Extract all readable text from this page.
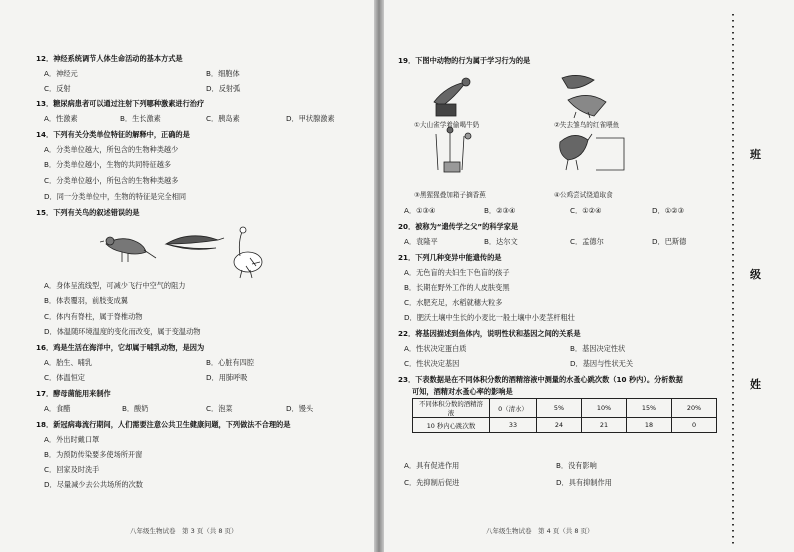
12．神经系统调节人体生命活动的基本方式是
A．神经元	B．细胞体
C．反射	D．反射弧
13．糖尿病患者可以通过注射下列哪种激素进行治疗
A．性激素	B．生长激素	C．胰岛素	D．甲状腺激素
14．下列有关分类单位特征的解释中，正确的是
A．分类单位越大，所包含的生物种类越少
B．分类单位越小，生物的共同特征越多
C．分类单位越小，所包含的生物种类越多
D．同一分类单位中，生物的特征是完全相同
15．下列有关鸟的叙述错误的是
A．身体呈流线型，可减少飞行中空气的阻力
B．体表覆羽，前肢变成翼
C．体内有脊柱，属于脊椎动物
D．体温随环境温度的变化而改变，属于变温动物
16．鸡是生活在海洋中，它却属于哺乳动物，是因为
A．胎生、哺乳	B．心脏有四腔
C．体温恒定	D．用肺呼吸
17．酵母菌能用来制作
A．食醋	B．酸奶	C．泡菜	D．馒头
18．新冠病毒流行期间，人们需要注意公共卫生健康问题，下列做法不合理的是
A．外出时戴口罩
B．为预防传染要多使场所开窗
C．回家及时洗手
D．尽量减少去公共场所的次数
八年级生物试卷　第 3 页（共 8 页）
19．下图中动物的行为属于学习行为的是
①大山雀学着偷喝牛奶	②失去雏鸟的红雀喂鱼
③黑猩猩叠加箱子摘香蕉	④公鸡尝试绕道取食
A．①③④	B．②③④	C．①②④	D．①②③
20．被称为“遗传学之父”的科学家是
A．袁隆平	B．达尔文	C．孟德尔	D．巴斯德
21．下列几种变异中能遗传的是
A．无色盲的夫妇生下色盲的孩子
B．长期在野外工作的人皮肤变黑
C．水肥充足，水稻就穗大粒多
D．肥沃土壤中生长的小麦比一般土壤中小麦茎杆粗壮
22．将基因描述到鱼体内，说明性状和基因之间的关系是
A．性状决定蛋白质	B．基因决定性状
C．性状决定基因	D．基因与性状无关
23．下表数据是在不同体积分数的酒精溶液中测量的水蚤心跳次数（10 秒内）。分析数据
可知，酒精对水蚤心率的影响是
不同体积分数的酒精溶液	0（清水）	5%	10%	15%	20%
10 秒内心跳次数	33	24	21	18	0
A．具有促进作用	B．没有影响
C．先抑制后促进	D．具有抑制作用
八年级生物试卷　第 4 页（共 8 页）
班
级
姓
